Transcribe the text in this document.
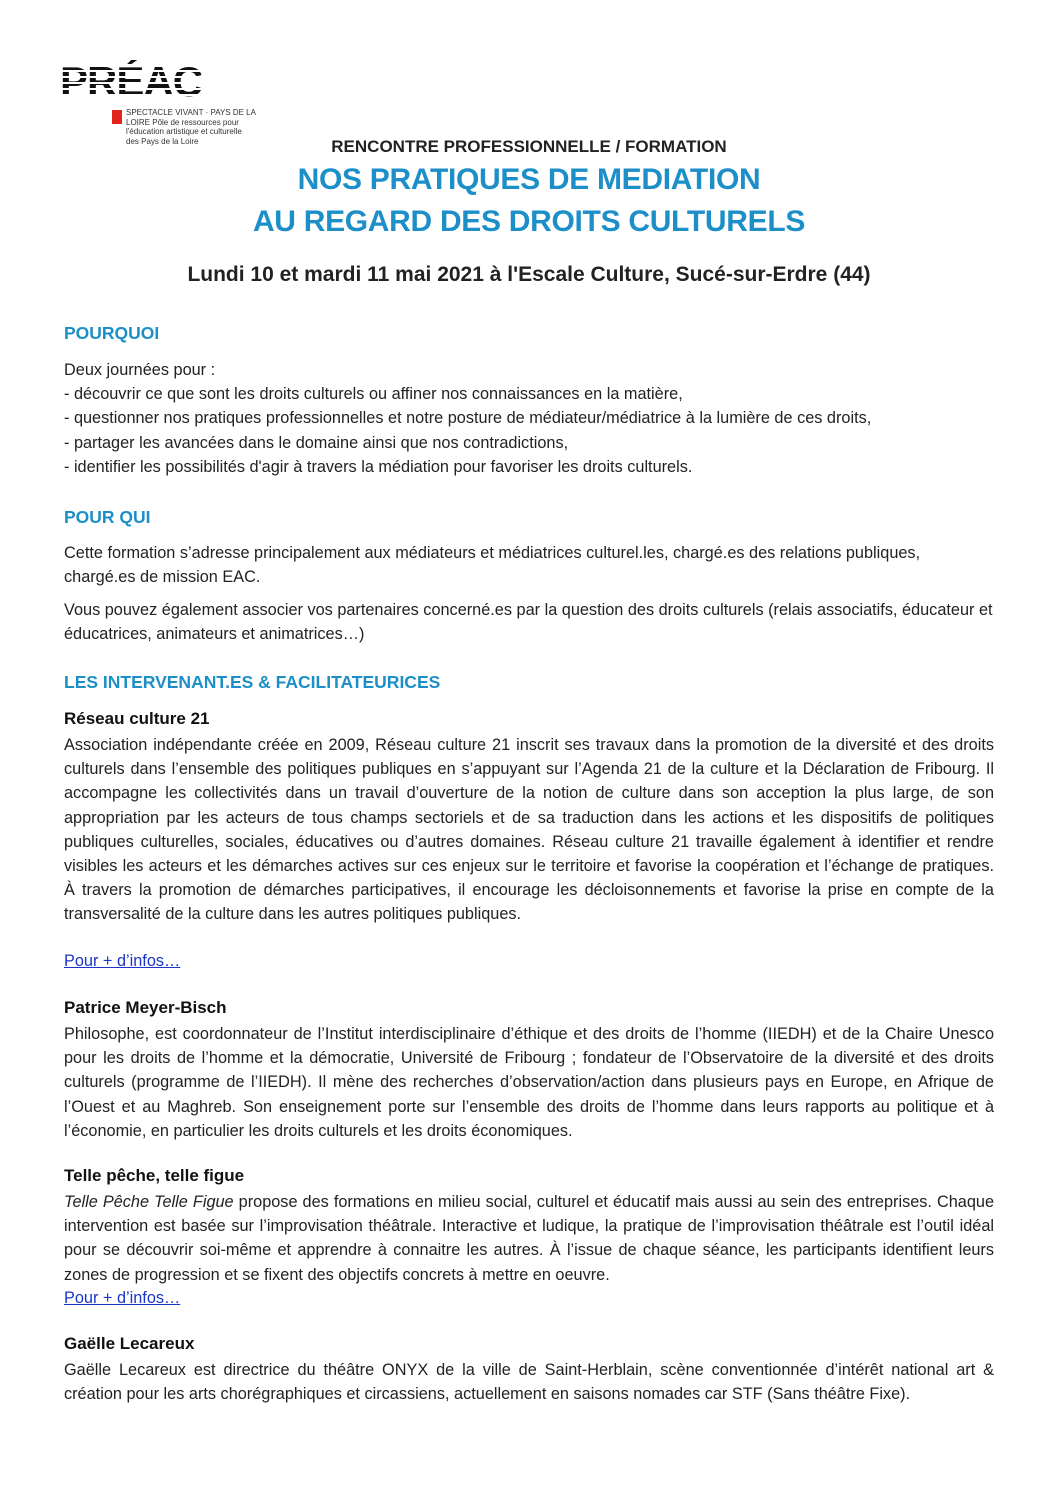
PRÉAC
SPECTACLE VIVANT · PAYS DE LA LOIRE Pôle de ressources pour l'éducation artistique et culturelle des Pays de la Loire	RENCONTRE PROFESSIONNELLE / FORMATION
NOS PRATIQUES DE MEDIATION
AU REGARD DES DROITS CULTURELS
Lundi 10 et mardi 11 mai 2021 à l'Escale Culture, Sucé-sur-Erdre (44)
POURQUOI
Deux journées pour :
- découvrir ce que sont les droits culturels ou affiner nos connaissances en la matière,
- questionner nos pratiques professionnelles et notre posture de médiateur/médiatrice à la lumière de ces droits,
- partager les avancées dans le domaine ainsi que nos contradictions,
- identifier les possibilités d'agir à travers la médiation pour favoriser les droits culturels.
POUR QUI
Cette formation s’adresse principalement aux médiateurs et médiatrices culturel.les, chargé.es des relations publiques, chargé.es de mission EAC.
Vous pouvez également associer vos partenaires concerné.es par la question des droits culturels (relais associatifs, éducateur et éducatrices, animateurs et animatrices…)
LES INTERVENANT.ES & FACILITATEURICES
Réseau culture 21
Association indépendante créée en 2009, Réseau culture 21 inscrit ses travaux dans la promotion de la diversité et des droits culturels dans l’ensemble des politiques publiques en s’appuyant sur l’Agenda 21 de la culture et la Déclaration de Fribourg. Il accompagne les collectivités dans un travail d’ouverture de la notion de culture dans son acception la plus large, de son appropriation par les acteurs de tous champs sectoriels et de sa traduction dans les actions et les dispositifs de politiques publiques culturelles, sociales, éducatives ou d’autres domaines. Réseau culture 21 travaille également à identifier et rendre visibles les acteurs et les démarches actives sur ces enjeux sur le territoire et favorise la coopération et l’échange de pratiques. À travers la promotion de démarches participatives, il encourage les décloisonnements et favorise la prise en compte de la transversalité de la culture dans les autres politiques publiques.
Pour + d’infos…
Patrice Meyer-Bisch
Philosophe, est coordonnateur de l’Institut interdisciplinaire d’éthique et des droits de l’homme (IIEDH) et de la Chaire Unesco pour les droits de l’homme et la démocratie, Université de Fribourg ; fondateur de l’Observatoire de la diversité et des droits culturels (programme de l’IIEDH). Il mène des recherches d’observation/action dans plusieurs pays en Europe, en Afrique de l’Ouest et au Maghreb. Son enseignement porte sur l’ensemble des droits de l’homme dans leurs rapports au politique et à l’économie, en particulier les droits culturels et les droits économiques.
Telle pêche, telle figue
Telle Pêche Telle Figue propose des formations en milieu social, culturel et éducatif mais aussi au sein des entreprises. Chaque intervention est basée sur l’improvisation théâtrale. Interactive et ludique, la pratique de l’improvisation théâtrale est l’outil idéal pour se découvrir soi-même et apprendre à connaitre les autres. À l’issue de chaque séance, les participants identifient leurs zones de progression et se fixent des objectifs concrets à mettre en oeuvre.
Pour + d’infos…
Gaëlle Lecareux
Gaëlle Lecareux est directrice du théâtre ONYX de la ville de Saint-Herblain, scène conventionnée d’intérêt national art & création pour les arts chorégraphiques et circassiens, actuellement en saisons nomades car STF (Sans théâtre Fixe).
